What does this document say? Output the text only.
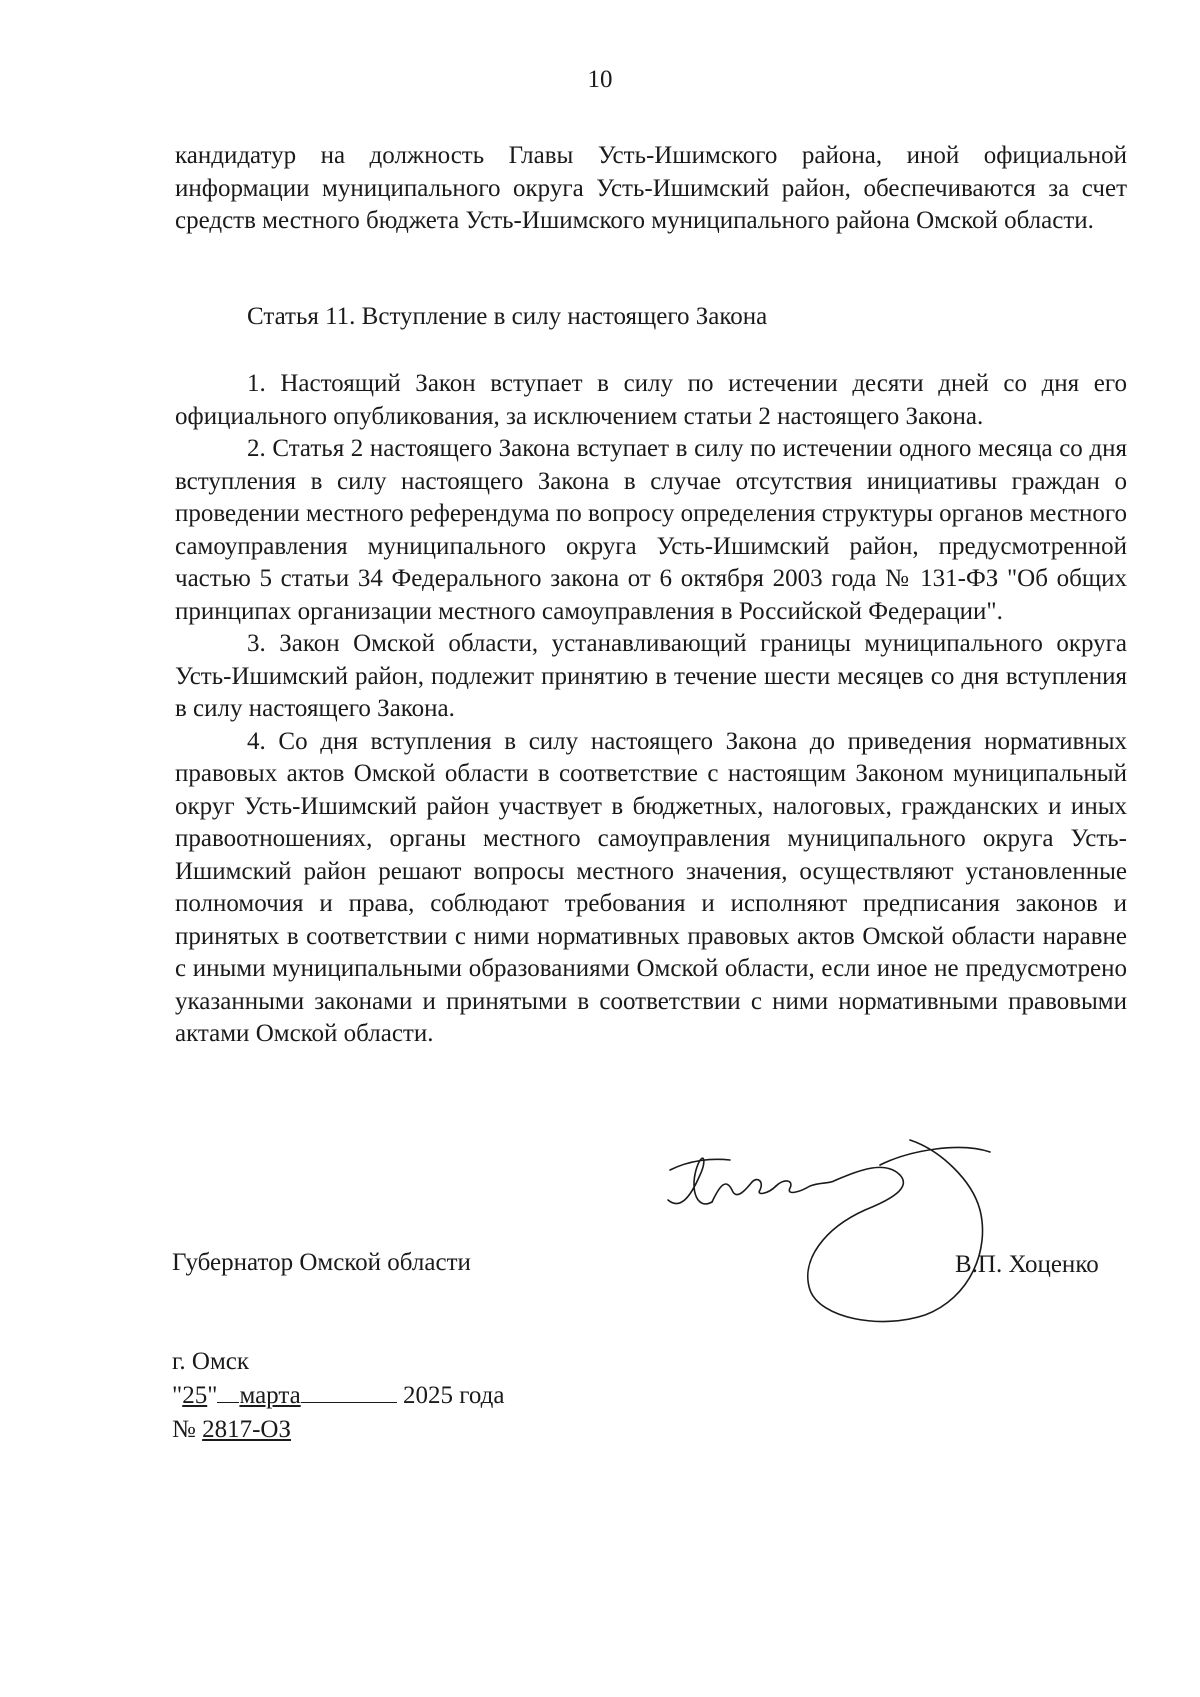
10

кандидатур на должность Главы Усть-Ишимского района, иной официальной информации муниципального округа Усть-Ишимский район, обеспечиваются за счет средств местного бюджета Усть-Ишимского муниципального района Омской области.

Статья 11. Вступление в силу настоящего Закона

1. Настоящий Закон вступает в силу по истечении десяти дней со дня его официального опубликования, за исключением статьи 2 настоящего Закона.

2. Статья 2 настоящего Закона вступает в силу по истечении одного месяца со дня вступления в силу настоящего Закона в случае отсутствия инициативы граждан о проведении местного референдума по вопросу определения структуры органов местного самоуправления муниципального округа Усть-Ишимский район, предусмотренной частью 5 статьи 34 Федерального закона от 6 октября 2003 года № 131-ФЗ "Об общих принципах организации местного самоуправления в Российской Федерации".

3. Закон Омской области, устанавливающий границы муниципального округа Усть-Ишимский район, подлежит принятию в течение шести месяцев со дня вступления в силу настоящего Закона.

4. Со дня вступления в силу настоящего Закона до приведения нормативных правовых актов Омской области в соответствие с настоящим Законом муниципальный округ Усть-Ишимский район участвует в бюджетных, налоговых, гражданских и иных правоотношениях, органы местного самоуправления муниципального округа Усть-Ишимский район решают вопросы местного значения, осуществляют установленные полномочия и права, соблюдают требования и исполняют предписания законов и принятых в соответствии с ними нормативных правовых актов Омской области наравне с иными муниципальными образованиями Омской области, если иное не предусмотрено указанными законами и принятыми в соответствии с ними нормативными правовыми актами Омской области.

Губернатор Омской области	В.П. Хоценко
г. Омск
"25" марта	2025 года
№ 2817-ОЗ
